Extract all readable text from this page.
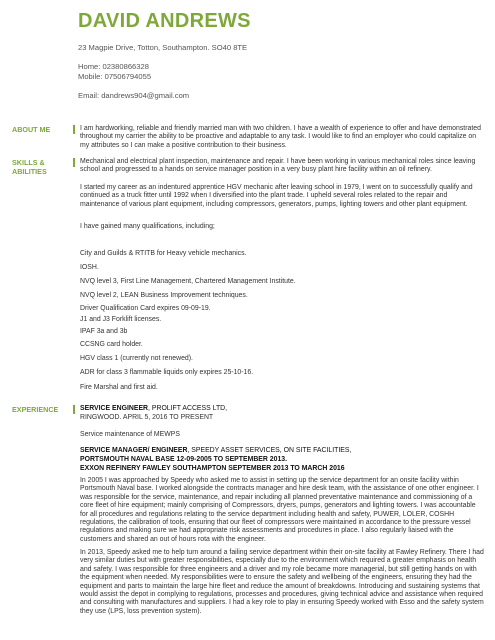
DAVID ANDREWS
23 Magpie Drive, Totton, Southampton. SO40 8TE
Home: 02380866328
Mobile: 07506794055
Email: dandrews904@gmail.com
ABOUT ME	I am hardworking, reliable and friendly married man with two children. I have a wealth of experience to offer and have demonstrated throughout my carrier the ability to be proactive and adaptable to any task. I would like to find an employer who could capitalize on my attributes so I can make a positive contribution to their business.
SKILLS &
ABILITIES
Mechanical and electrical plant inspection, maintenance and repair. I have been working in various mechanical roles since leaving school and progressed to a hands on service manager position in a very busy plant hire facility within an oil refinery.
I started my career as an indentured apprentice HGV mechanic after leaving school in 1979, I went on to successfully qualify and continued as a truck fitter until 1992 when I diversified into the plant trade. I upheld several roles related to the repair and maintenance of various plant equipment, including compressors, generators, pumps, lighting towers and other plant equipment.
I have gained many qualifications, including;
City and Guilds & RTITB for Heavy vehicle mechanics.
IOSH.
NVQ level 3, First Line Management, Chartered Management Institute.
NVQ level 2, LEAN Business Improvement techniques.
Driver Qualification Card expires 09-09-19.
J1 and J3 Forklift licenses.
IPAF 3a and 3b
CCSNG card holder.
HGV class 1 (currently not renewed).
ADR for class 3 flammable liquids only expires 25-10-16.
Fire Marshal and first aid.
EXPERIENCE	SERVICE ENGINEER, PROLIFT ACCESS LTD,
RINGWOOD. APRIL 5, 2016 TO PRESENT
Service maintenance of MEWPS
SERVICE MANAGER/ ENGINEER, SPEEDY ASSET SERVICES, ON SITE FACILITIES,
PORTSMOUTH NAVAL BASE 12-09-2005 TO SEPTEMBER 2013.
EXXON REFINERY FAWLEY SOUTHAMPTON SEPTEMBER 2013 TO MARCH 2016
In 2005 I was approached by Speedy who asked me to assist in setting up the service department for an onsite facility within Portsmouth Naval base. I worked alongside the contracts manager and hire desk team, with the assistance of one other engineer. I was responsible for the service, maintenance, and repair including all planned preventative maintenance and commissioning of a core fleet of hire equipment; mainly comprising of Compressors, dryers, pumps, generators and lighting towers. I was accountable for all procedures and regulations relating to the service department including health and safety, PUWER, LOLER, COSHH regulations, the calibration of tools, ensuring that our fleet of compressors were maintained in accordance to the pressure vessel regulations and making sure we had appropriate risk assessments and procedures in place. I also regularly liaised with the customers and shared an out of hours rota with the engineer.
In 2013, Speedy asked me to help turn around a failing service department within their on-site facility at Fawley Refinery. There I had very similar duties but with greater responsibilities, especially due to the environment which required a greater emphasis on health and safety. I was responsible for three engineers and a driver and my role became more managerial, but still getting hands on with the equipment when needed. My responsibilities were to ensure the safety and wellbeing of the engineers, ensuring they had the equipment and parts to maintain the large hire fleet and reduce the amount of breakdowns. Introducing and sustaining systems that would assist the depot in complying to regulations, processes and procedures, giving technical advice and assistance when required and consulting with manufactures and suppliers. I had a key role to play in ensuring Speedy worked with Esso and the safety system they use (LPS, loss prevention system).
